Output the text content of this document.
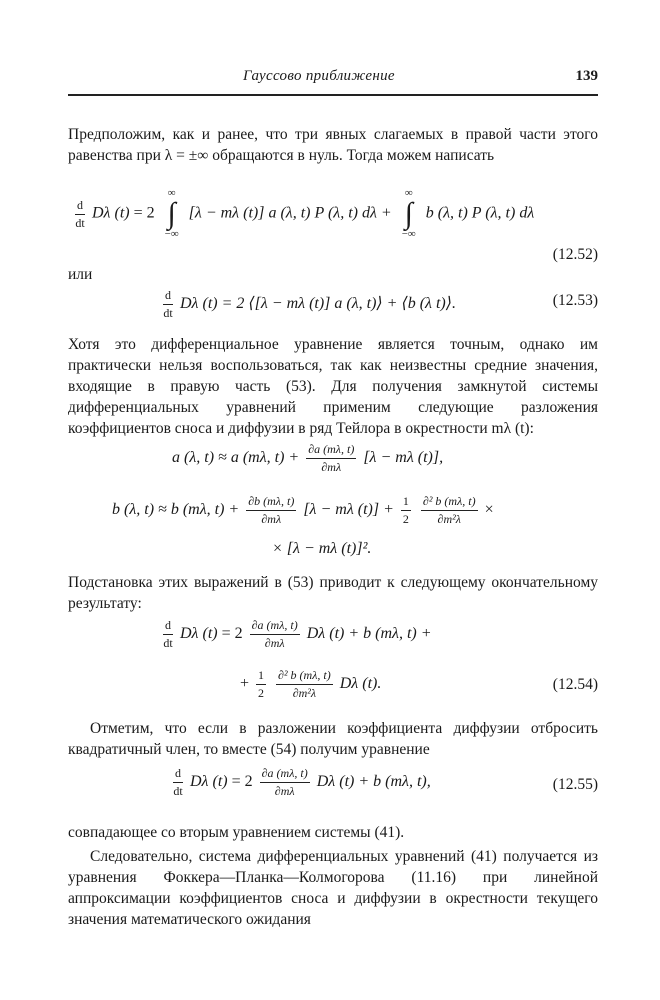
Гауссово приближение	139
Предположим, как и ранее, что три явных слагаемых в правой части этого равенства при λ = ±∞ обращаются в нуль. Тогда можем написать
$\frac{d}{dt}$ Dλ (t) = 2
∞
∫
−∞
[λ − mλ (t)] a (λ, t) P (λ, t) dλ +
∞
∫
−∞
b (λ, t) P (λ, t) dλ
(12.52)
или
$\frac{d}{dt}$ Dλ (t) = 2 ⟨[λ − mλ (t)] a (λ, t)⟩ + ⟨b (λ t)⟩.	(12.53)
Хотя это дифференциальное уравнение является точным, однако им практически нельзя воспользоваться, так как неизвестны средние значения, входящие в правую часть (53). Для получения замкнутой системы дифференциальных уравнений применим следующие разложения коэффициентов сноса и диффузии в ряд Тейлора в окрестности mλ (t):
a (λ, t) ≈ a (mλ, $t) + \frac{\partial a (m\lambda, t)}{\partial m\lambda} [\lambda - m\lambda$ (t)],
b (λ, t) ≈ b (mλ, $t) + \frac{\partial b (m\lambda, t)}{\partial m\lambda} [\lambda - m\lambda$ $(t)] + \frac{1}{2}$
$\frac{\text{∂² b (mλ, t)}}{\text{∂m²λ}}$ ×
× [λ − mλ (t)]².
Подстановка этих выражений в (53) приводит к следующему окончательному результату:
$\frac{d}{dt}$ Dλ $(t) = 2 \frac{\partial a (m\lambda, t)}{\partial m\lambda}$ Dλ (t) + b (mλ, t) +
+ $\frac{1}{2}$
$\frac{\text{∂² b (mλ, t)}}{\text{∂m²λ}}$ Dλ (t).	(12.54)
Отметим, что если в разложении коэффициента диффузии отбросить квадратичный член, то вместе (54) получим уравнение
$\frac{d}{dt}$ Dλ $(t) = 2 \frac{\partial a (m\lambda, t)}{\partial m\lambda}$ Dλ (t) + b (mλ, t),	(12.55)
совпадающее со вторым уравнением системы (41).
Следовательно, система дифференциальных уравнений (41) получается из уравнения Фоккера—Планка—Колмогорова (11.16) при линейной аппроксимации коэффициентов сноса и диффузии в окрестности текущего значения математического ожидания
